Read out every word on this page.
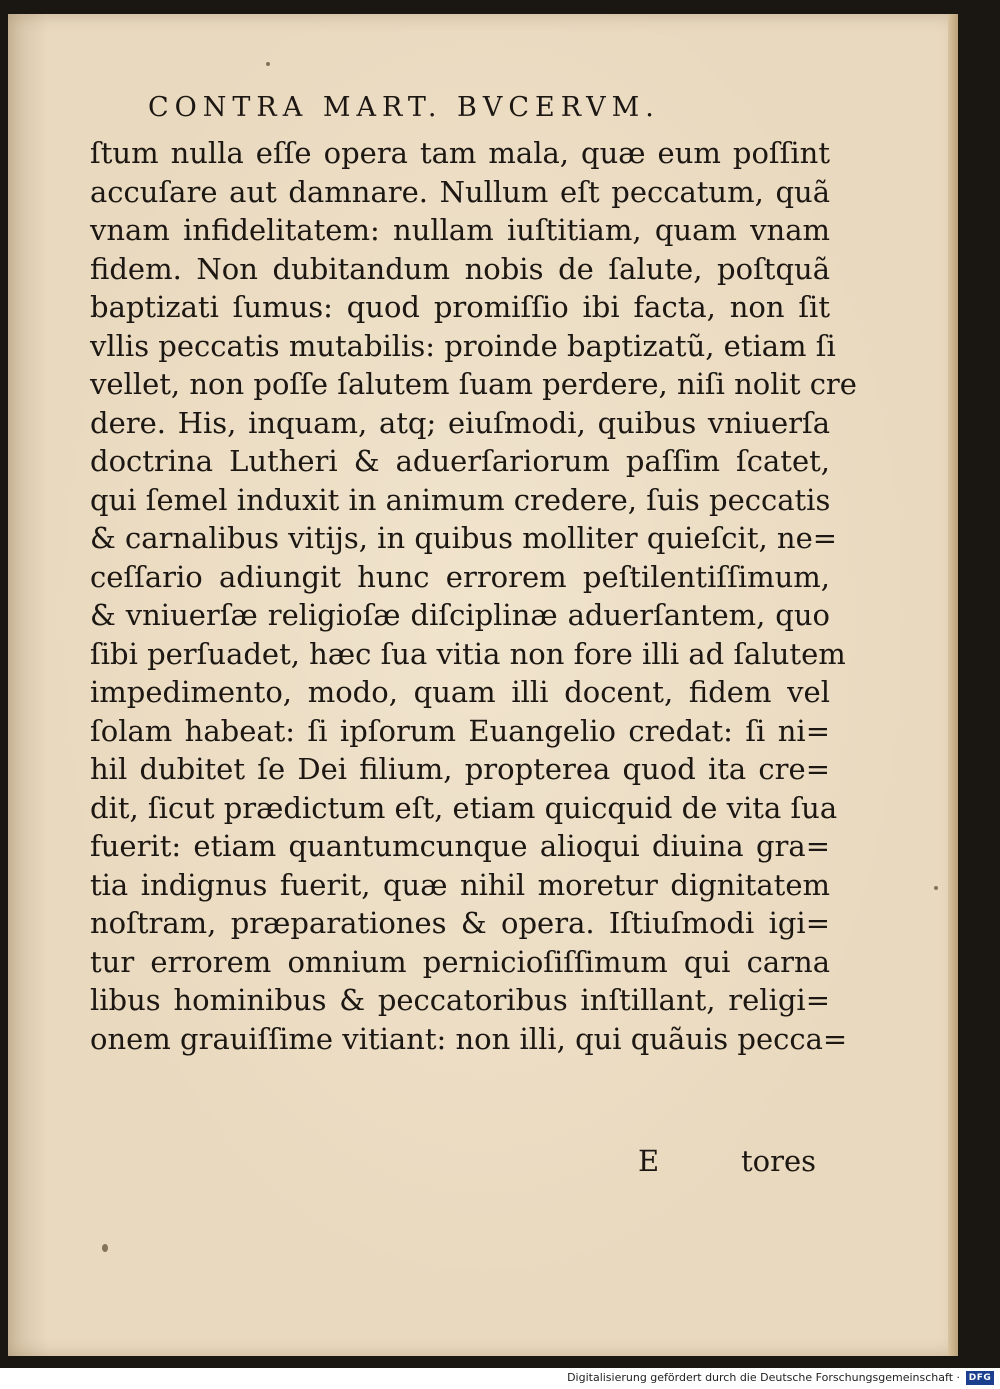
CONTRA MART. BVCERVM.
ſtum nulla eſſe opera tam mala, quæ eum poſſint
accuſare aut damnare. Nullum eſt peccatum, quã
vnam infidelitatem: nullam iuſtitiam, quam vnam
fidem. Non dubitandum nobis de ſalute, poſtquã
baptizati ſumus: quod promiſſio ibi facta, non ſit
vllis peccatis mutabilis: proinde baptizatũ, etiam ſi
vellet, non poſſe ſalutem ſuam perdere, niſi nolit cre
dere. His, inquam, atq; eiuſmodi, quibus vniuerſa
doctrina Lutheri & aduerſariorum paſſim ſcatet,
qui ſemel induxit in animum credere, ſuis peccatis
& carnalibus vitijs, in quibus molliter quieſcit, ne=
ceſſario adiungit hunc errorem peſtilentiſſimum,
& vniuerſæ religioſæ diſciplinæ aduerſantem, quo
ſibi perſuadet, hæc ſua vitia non fore illi ad ſalutem
impedimento, modo, quam illi docent, fidem vel
ſolam habeat: ſi ipſorum Euangelio credat: ſi ni=
hil dubitet ſe Dei filium, propterea quod ita cre=
dit, ſicut prædictum eſt, etiam quicquid de vita ſua
fuerit: etiam quantumcunque alioqui diuina gra=
tia indignus fuerit, quæ nihil moretur dignitatem
noſtram, præparationes & opera. Iſtiuſmodi igi=
tur errorem omnium pernicioſiſſimum qui carna
libus hominibus & peccatoribus inſtillant, religi=
onem grauiſſime vitiant: non illi, qui quãuis pecca=
E	tores
Digitalisierung gefördert durch die Deutsche Forschungsgemeinschaft · DFG
